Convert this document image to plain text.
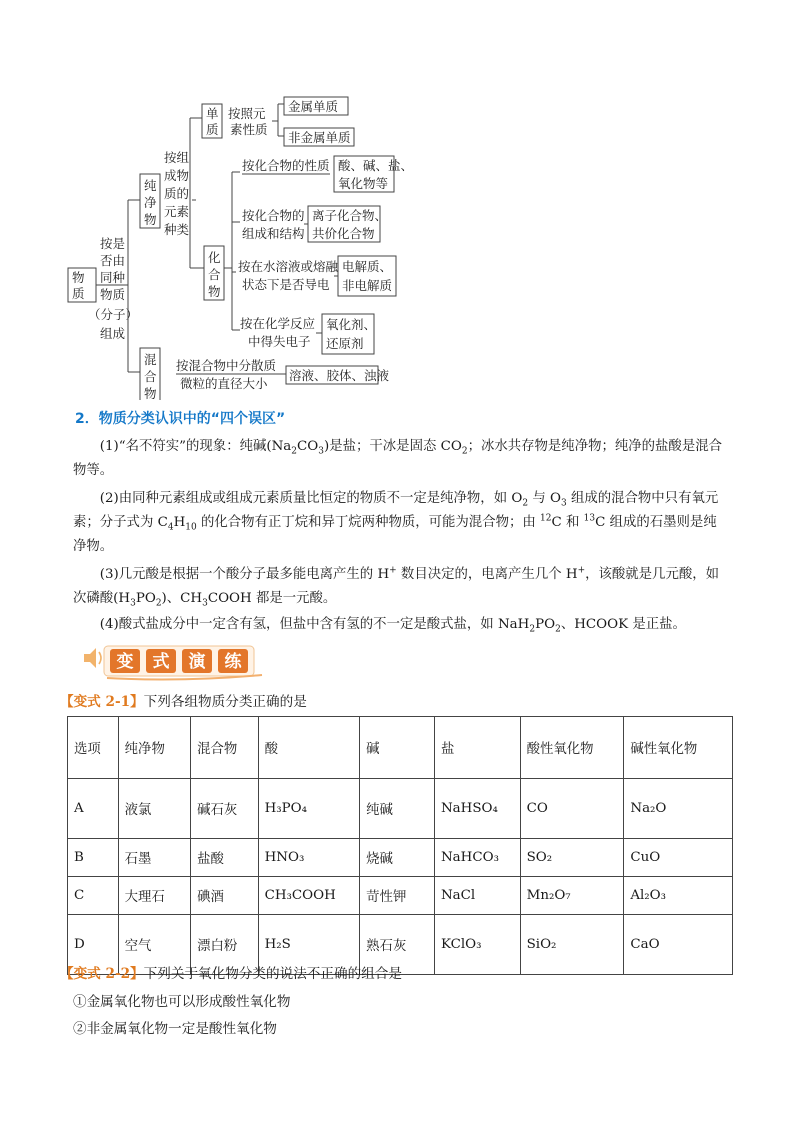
物
质
按是
否由
同种
物质
（分子）
组成
纯
净
物
按组
成物
质的
元素
种类
单
质
按照元
素性质
金属单质
非金属单质
化
合
物
按化合物的性质 酸、碱、盐、
氧化物等
按化合物的
组成和结构
离子化合物、
共价化合物
按在水溶液或熔融
状态下是否导电
电解质、
非电解质
按在化学反应
中得失电子
氧化剂、
还原剂
混
合
物
按混合物中分散质
微粒的直径大小
溶液、胶体、浊液
2．物质分类认识中的“四个误区”

(1)“名不符实”的现象：纯碱$(Na_2CO_3)$是盐；干冰是固态 $CO_2$；冰水共存物是纯净物；纯净的盐酸是混合物等。

(2)由同种元素组成或组成元素质量比恒定的物质不一定是纯净物，如 $O_2$ 与 $O_3$ 组成的混合物中只有氧元素；分子式为 $C_4H_{10}$ 的化合物有正丁烷和异丁烷两种物质，可能为混合物；由 $^{12}$C 和 $^{13}$C 组成的石墨则是纯净物。

(3)几元酸是根据一个酸分子最多能电离产生的 H+ 数目决定的，电离产生几个 H+，该酸就是几元酸，如次磷酸$(H_3PO_2)$、$CH_3COOH$ 都是一元酸。

(4)酸式盐成分中一定含有氢，但盐中含有氢的不一定是酸式盐，如 $NaH_2PO_2$、HCOOK 是正盐。

变 式 演 练

【变式 2-1】下列各组物质分类正确的是

选项	纯净物	混合物	酸	碱	盐	酸性氧化物	碱性氧化物
A	液氯	碱石灰	H₃PO₄	纯碱	NaHSO₄	CO	Na₂O
B	石墨	盐酸	HNO₃	烧碱	NaHCO₃	SO₂	CuO
C	大理石	碘酒	CH₃COOH	苛性钾	NaCl	Mn₂O₇	Al₂O₃
D	空气	漂白粉	H₂S	熟石灰	KClO₃	SiO₂	CaO

【变式 2-2】下列关于氧化物分类的说法不正确的组合是

①金属氧化物也可以形成酸性氧化物

②非金属氧化物一定是酸性氧化物
